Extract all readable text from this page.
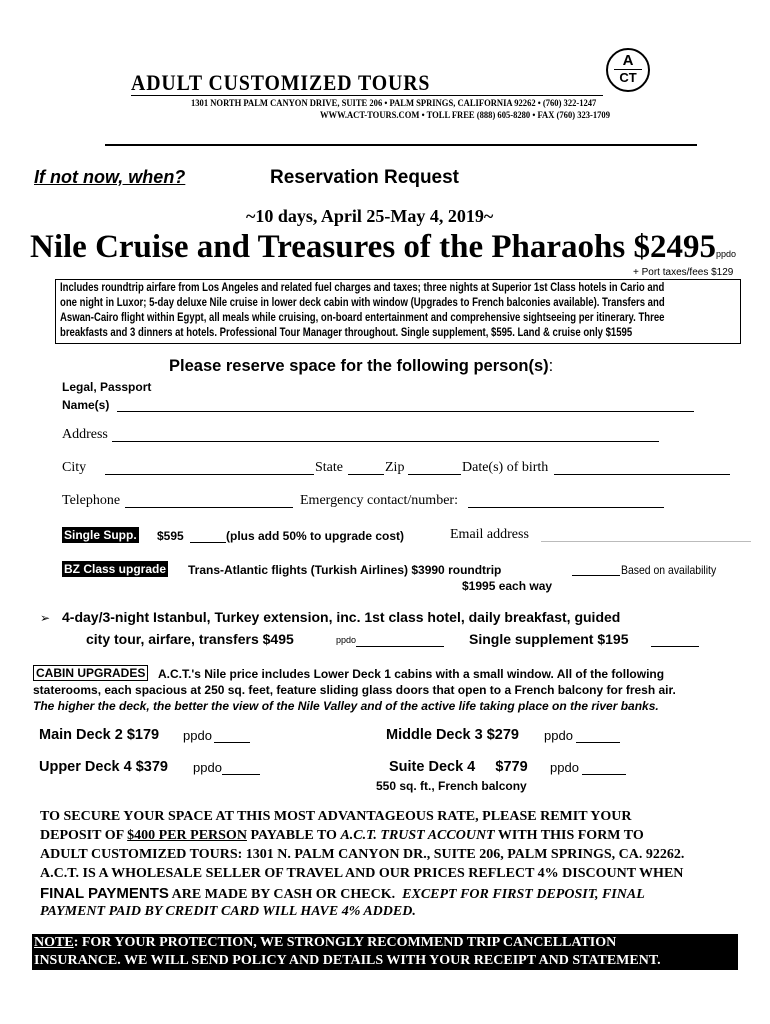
ADULT CUSTOMIZED TOURS
1301 NORTH PALM CANYON DRIVE, SUITE 206 • PALM SPRINGS, CALIFORNIA 92262 • (760) 322-1247
WWW.ACT-TOURS.COM • TOLL FREE (888) 605-8280 • FAX (760) 323-1709
A
CT
If not now, when?	Reservation Request
~10 days, April 25-May 4, 2019~
Nile Cruise and Treasures of the Pharaohs $2495ppdo
+ Port taxes/fees $129
Includes roundtrip airfare from Los Angeles and related fuel charges and taxes; three nights at Superior 1st Class hotels in Cario and
one night in Luxor; 5-day deluxe Nile cruise in lower deck cabin with window (Upgrades to French balconies available). Transfers and
Aswan-Cairo flight within Egypt, all meals while cruising, on-board entertainment and comprehensive sightseeing per itinerary. Three
breakfasts and 3 dinners at hotels. Professional Tour Manager throughout. Single supplement, $595. Land & cruise only $1595
Please reserve space for the following person(s):
Legal, Passport
Name(s)
Address
City	State	Zip	Date(s) of birth
Telephone	Emergency contact/number:
Single Supp. $595	(plus add 50% to upgrade cost)	Email address
BZ Class upgrade Trans-Atlantic flights (Turkish Airlines) $3990 roundtrip	Based on availability
$1995 each way
➢ 4-day/3-night Istanbul, Turkey extension, inc. 1st class hotel, daily breakfast, guided
city tour, airfare, transfers $495	ppdo	Single supplement $195
CABIN UPGRADES A.C.T.'s Nile price includes Lower Deck 1 cabins with a small window. All of the following
staterooms, each spacious at 250 sq. feet, feature sliding glass doors that open to a French balcony for fresh air.
The higher the deck, the better the view of the Nile Valley and of the active life taking place on the river banks.
Main Deck 2 $179 ppdo	Middle Deck 3 $279 ppdo
Upper Deck 4 $379 ppdo	Suite Deck 4     $779 ppdo
550 sq. ft., French balcony
TO SECURE YOUR SPACE AT THIS MOST ADVANTAGEOUS RATE, PLEASE REMIT YOUR
DEPOSIT OF $400 PER PERSON PAYABLE TO A.C.T. TRUST ACCOUNT WITH THIS FORM TO
ADULT CUSTOMIZED TOURS: 1301 N. PALM CANYON DR., SUITE 206, PALM SPRINGS, CA. 92262.
A.C.T. IS A WHOLESALE SELLER OF TRAVEL AND OUR PRICES REFLECT 4% DISCOUNT WHEN
FINAL PAYMENTS ARE MADE BY CASH OR CHECK.  EXCEPT FOR FIRST DEPOSIT, FINAL
PAYMENT PAID BY CREDIT CARD WILL HAVE 4% ADDED.
NOTE: FOR YOUR PROTECTION, WE STRONGLY RECOMMEND TRIP CANCELLATION
INSURANCE. WE WILL SEND POLICY AND DETAILS WITH YOUR RECEIPT AND STATEMENT.
